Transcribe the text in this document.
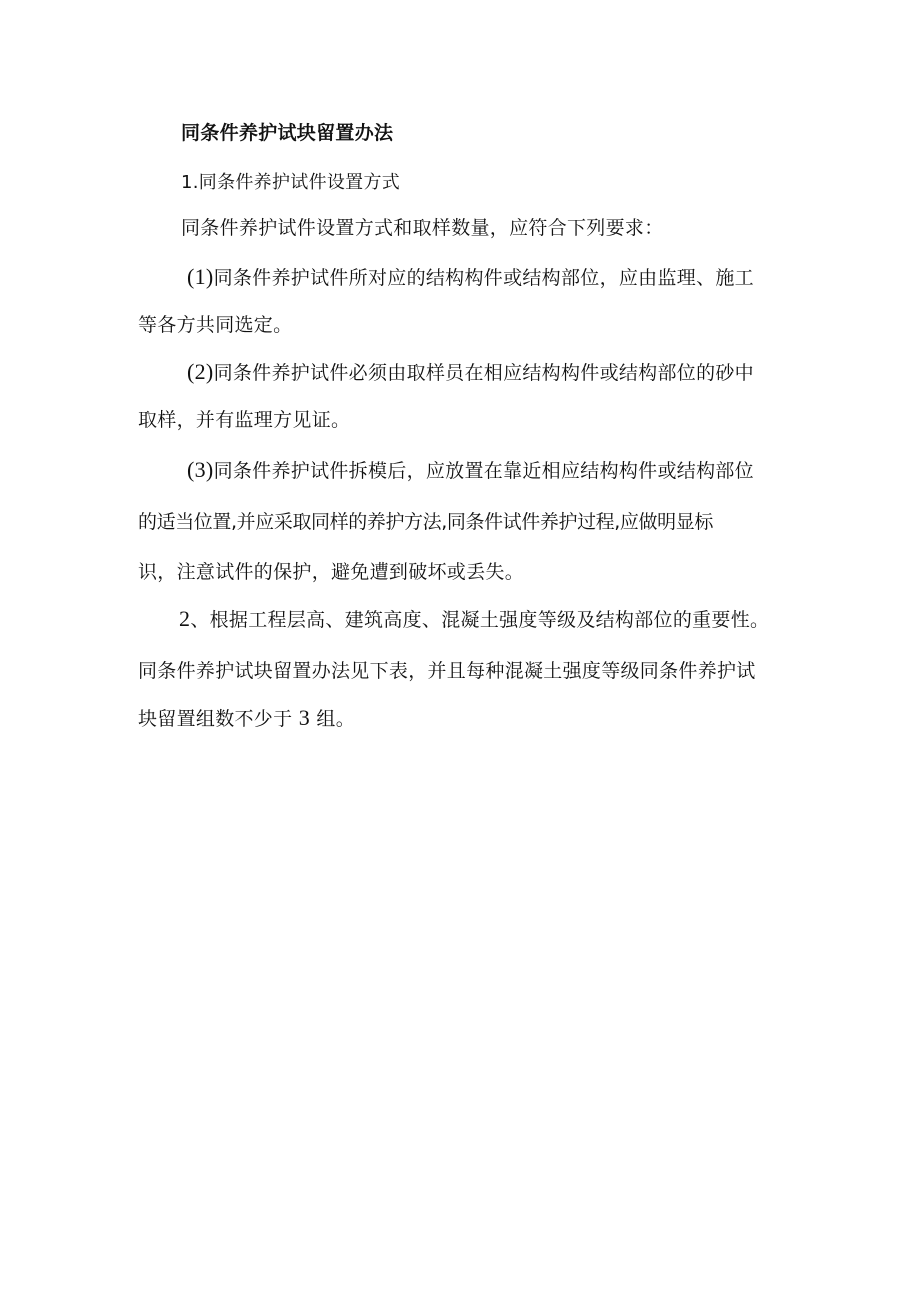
同条件养护试块留置办法
1.同条件养护试件设置方式
同条件养护试件设置方式和取样数量，应符合下列要求：
(1)同条件养护试件所对应的结构构件或结构部位，应由监理、施工
等各方共同选定。
(2)同条件养护试件必须由取样员在相应结构构件或结构部位的砂中
取样，并有监理方见证。
(3)同条件养护试件拆模后，应放置在靠近相应结构构件或结构部位
的适当位置,并应采取同样的养护方法,同条件试件养护过程,应做明显标
识，注意试件的保护，避免遭到破坏或丢失。
2、根据工程层高、建筑高度、混凝土强度等级及结构部位的重要性。
同条件养护试块留置办法见下表，并且每种混凝土强度等级同条件养护试
块留置组数不少于 3 组。
